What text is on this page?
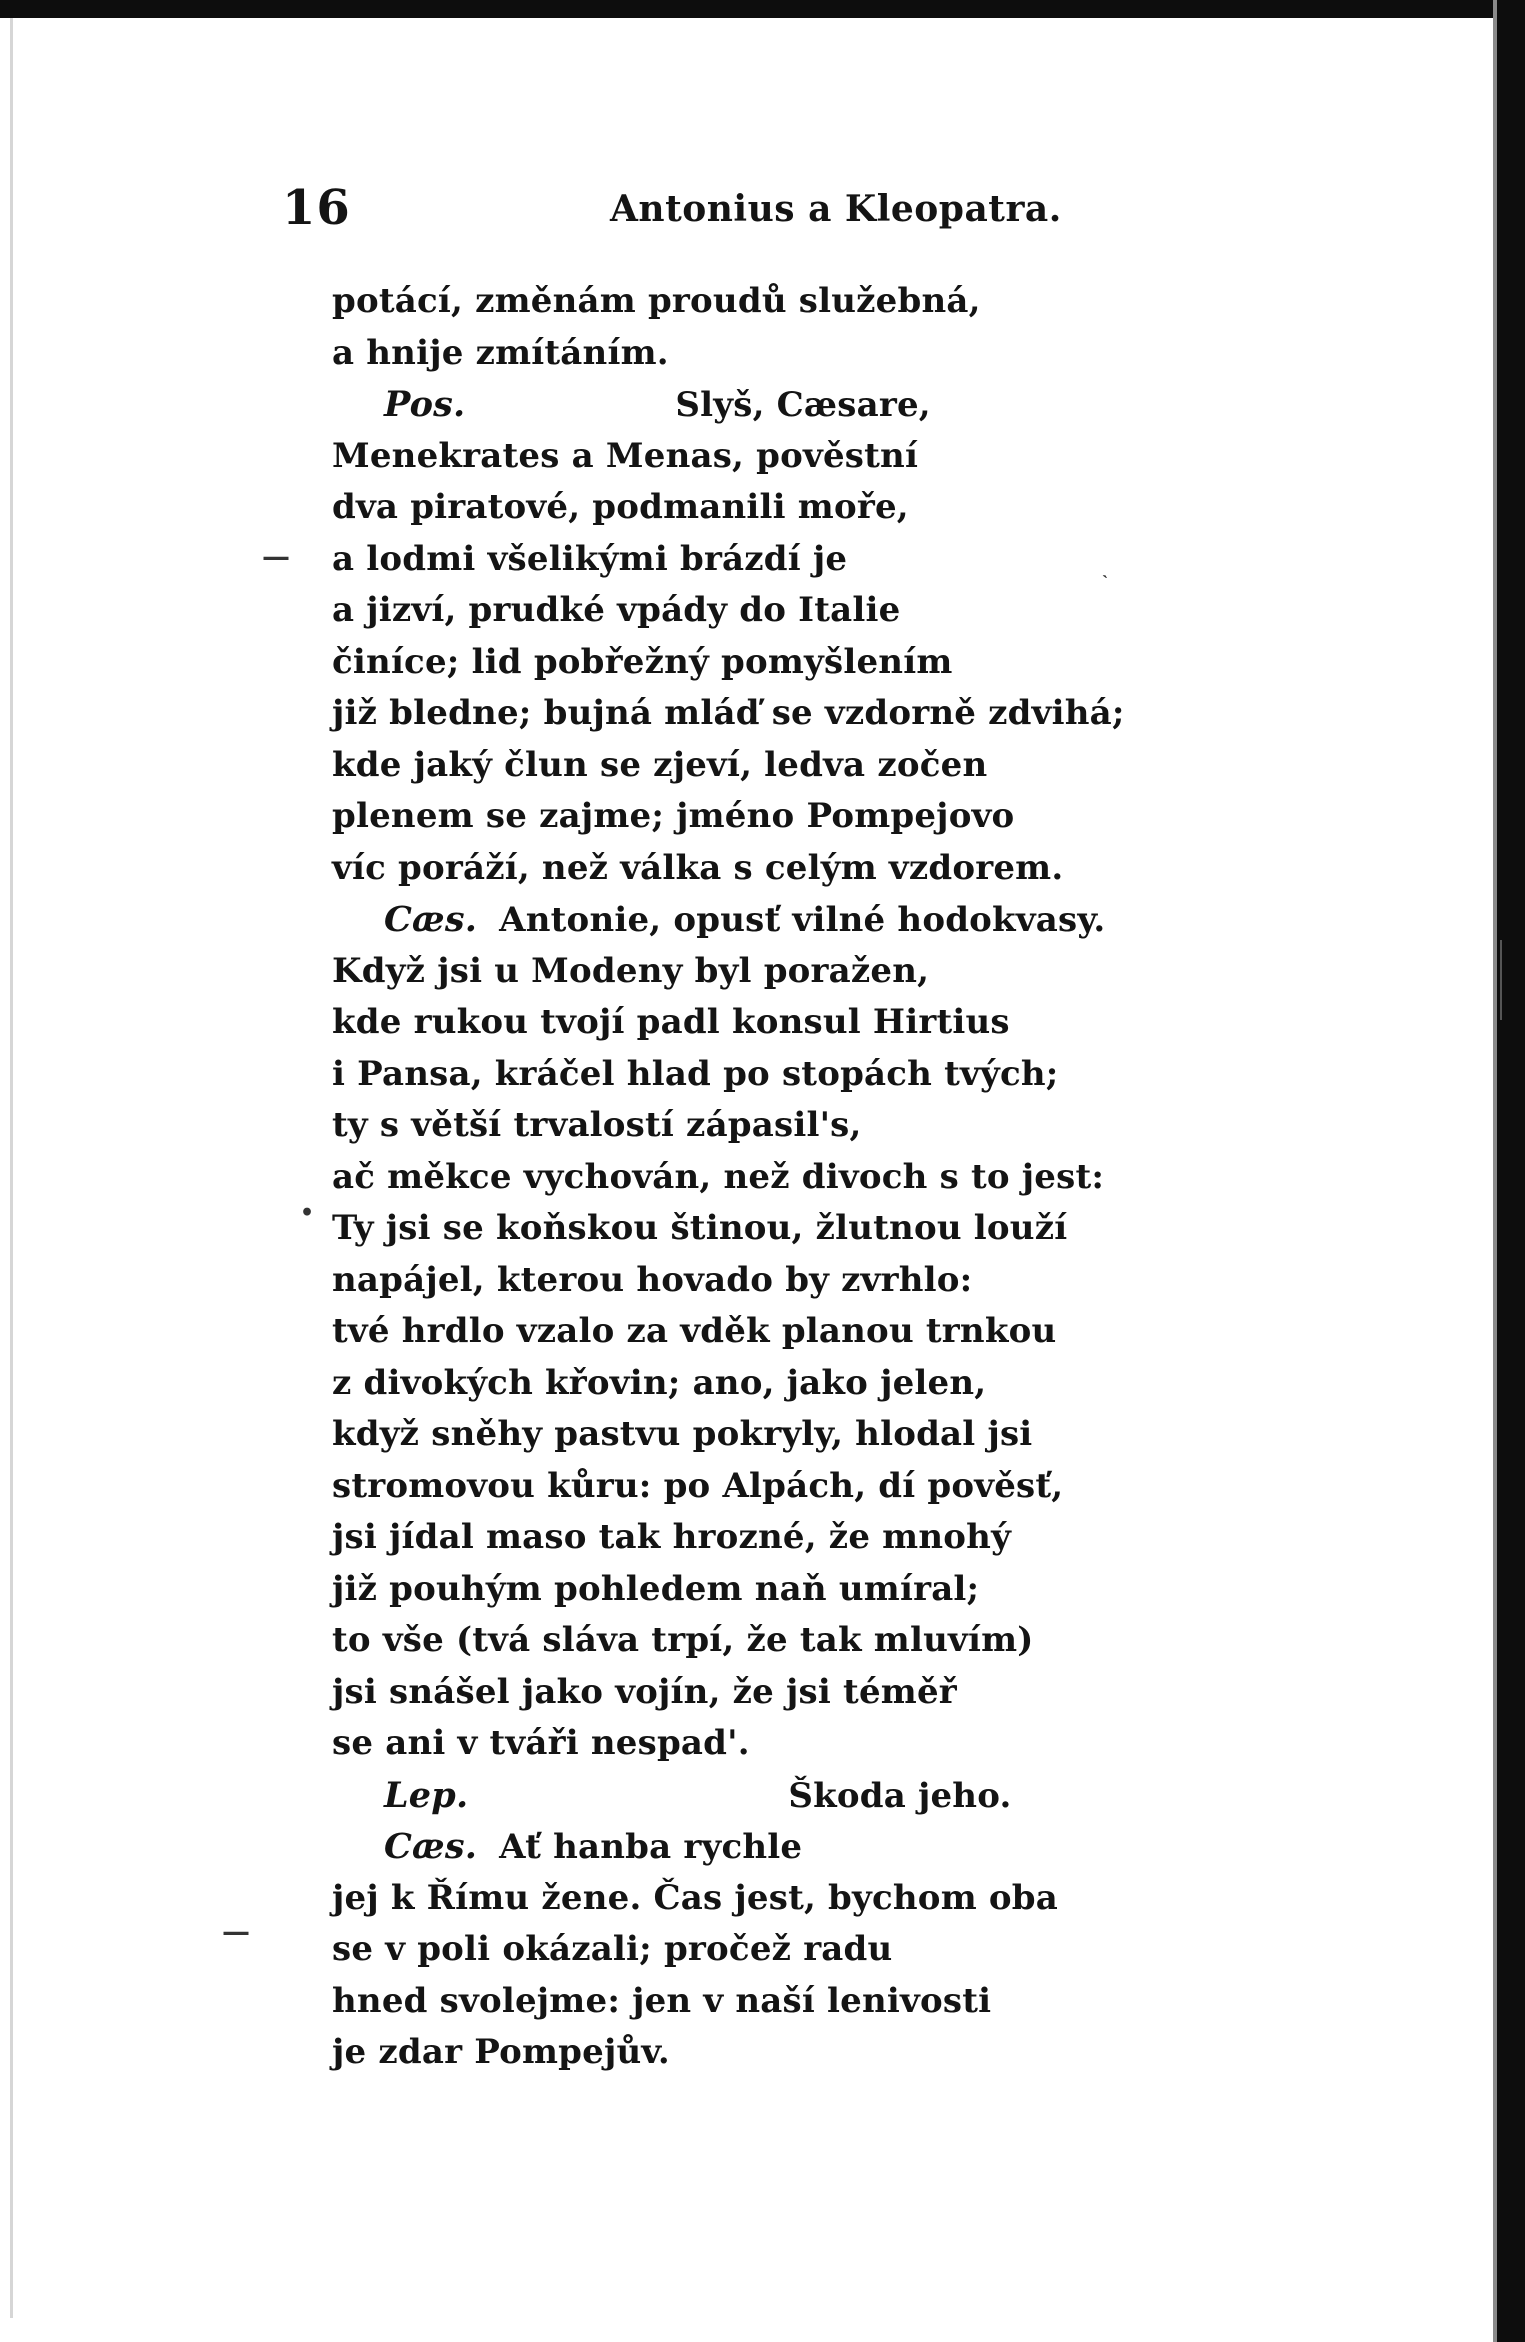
16	Antonius a Kleopatra.
—
•
—
ˎ
potácí, změnám proudů služebná,
a hnije zmítáním.
Pos.	Slyš, Cæsare,
Menekrates a Menas, pověstní
dva piratové, podmanili moře,
a lodmi všelikými brázdí je
a jizví, prudké vpády do Italie
činíce; lid pobřežný pomyšlením
již bledne; bujná mláď se vzdorně zdvihá;
kde jaký člun se zjeví, ledva zočen
plenem se zajme; jméno Pompejovo
víc poráží, než válka s celým vzdorem.
Cæs. Antonie, opusť vilné hodokvasy.
Když jsi u Modeny byl poražen,
kde rukou tvojí padl konsul Hirtius
i Pansa, kráčel hlad po stopách tvých;
ty s větší trvalostí zápasil's,
ač měkce vychován, než divoch s to jest:
Ty jsi se koňskou štinou, žlutnou louží
napájel, kterou hovado by zvrhlo:
tvé hrdlo vzalo za vděk planou trnkou
z divokých křovin; ano, jako jelen,
když sněhy pastvu pokryly, hlodal jsi
stromovou kůru: po Alpách, dí pověsť,
jsi jídal maso tak hrozné, že mnohý
již pouhým pohledem naň umíral;
to vše (tvá sláva trpí, že tak mluvím)
jsi snášel jako vojín, že jsi téměř
se ani v tváři nespad'.
Lep.	Škoda jeho.
Cæs. Ať hanba rychle
jej k Římu žene. Čas jest, bychom oba
se v poli okázali; pročež radu
hned svolejme: jen v naší lenivosti
je zdar Pompejův.
